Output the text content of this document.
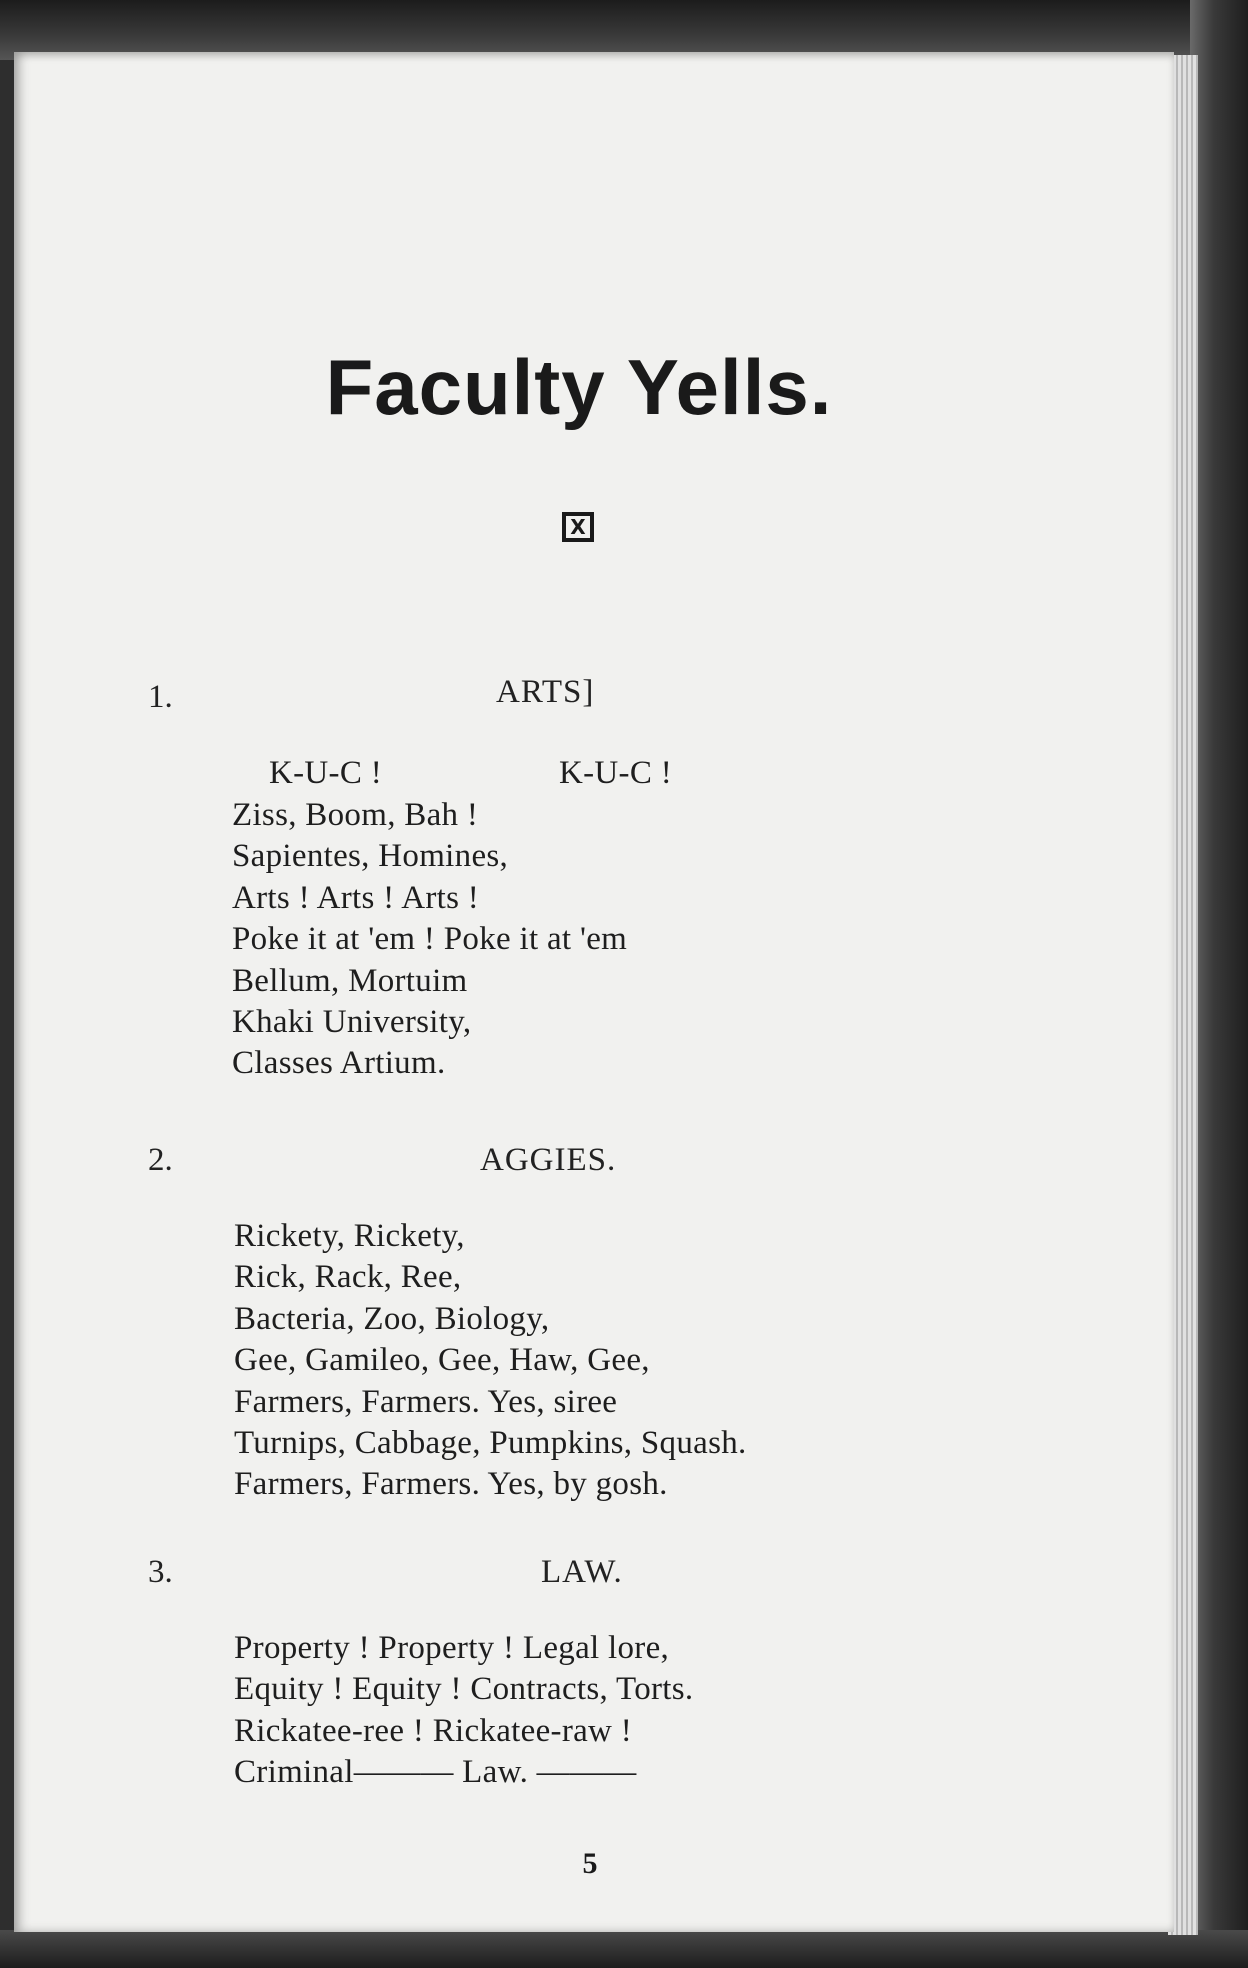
Faculty Yells.
X
1.	ARTS]
K-U-C !	K-U-C !
Ziss, Boom, Bah !
Sapientes, Homines,
Arts ! Arts ! Arts !
Poke it at 'em ! Poke it at 'em
Bellum, Mortuim
Khaki University,
Classes Artium.
2.	AGGIES.
Rickety, Rickety,
Rick, Rack, Ree,
Bacteria, Zoo, Biology,
Gee, Gamileo, Gee, Haw, Gee,
Farmers, Farmers. Yes, siree
Turnips, Cabbage, Pumpkins, Squash.
Farmers, Farmers. Yes, by gosh.
3.	LAW.
Property ! Property ! Legal lore,
Equity ! Equity ! Contracts, Torts.
Rickatee-ree ! Rickatee-raw !
Criminal——— Law. ———
5
